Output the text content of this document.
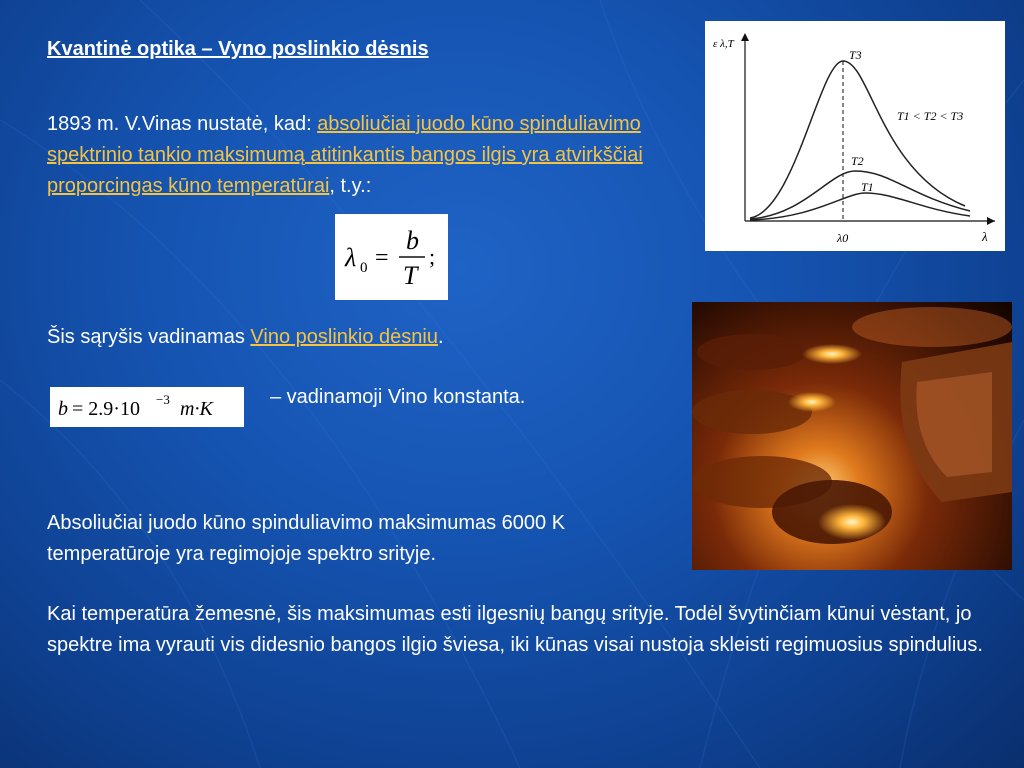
Kvantinė optika – Vyno poslinkio dėsnis

1893 m. V.Vinas nustatė, kad: absoliučiai juodo kūno spinduliavimo spektrinio tankio maksimumą atitinkantis bangos ilgis yra atvirkščiai proporcingas kūno temperatūrai, t.y.:

λ 0 =
b
T
;

Šis sąryšis vadinamas Vino poslinkio dėsniu.

b = 2.9·10 −3 m·K

– vadinamoji Vino konstanta.

Absoliučiai juodo kūno spinduliavimo maksimumas 6000 K temperatūroje yra regimojoje spektro srityje.

Kai temperatūra žemesnė, šis maksimumas esti ilgesnių bangų srityje. Todėl švytinčiam kūnui vėstant, jo spektre ima vyrauti vis didesnio bangos ilgio šviesa, iki kūnas visai nustoja skleisti regimuosius spindulius.

ε λ,T
λ
λ0
T3
T2
T1
T1 < T2 < T3
